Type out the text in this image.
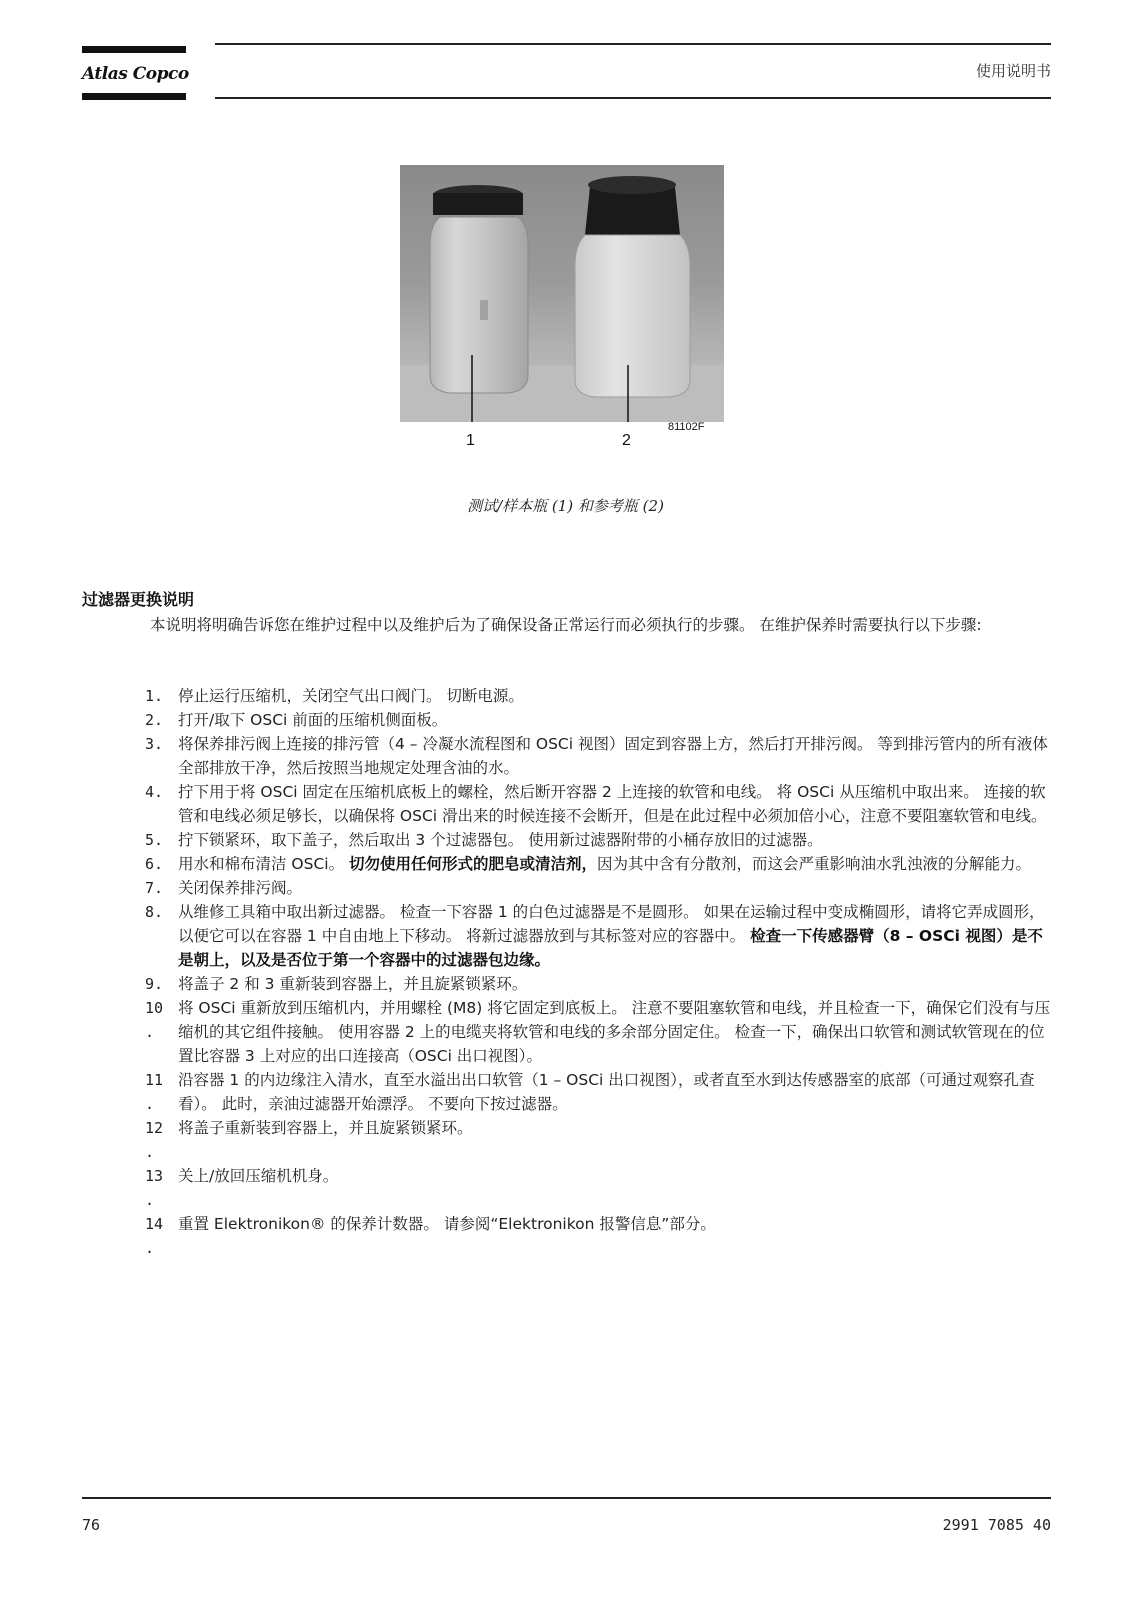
Atlas Copco	使用说明书
81102F
1	2
测试/样本瓶 (1) 和参考瓶 (2)
过滤器更换说明
本说明将明确告诉您在维护过程中以及维护后为了确保设备正常运行而必须执行的步骤。 在维护保养时需要执行以下步骤:
1. 停止运行压缩机，关闭空气出口阀门。 切断电源。
2. 打开/取下 OSCi 前面的压缩机侧面板。
3. 将保养排污阀上连接的排污管（4 – 冷凝水流程图和 OSCi 视图）固定到容器上方，然后打开排污阀。 等到排污管内的所有液体全部排放干净，然后按照当地规定处理含油的水。
4. 拧下用于将 OSCi 固定在压缩机底板上的螺栓，然后断开容器 2 上连接的软管和电线。 将 OSCi 从压缩机中取出来。 连接的软管和电线必须足够长，以确保将 OSCi 滑出来的时候连接不会断开，但是在此过程中必须加倍小心，注意不要阻塞软管和电线。
5. 拧下锁紧环，取下盖子，然后取出 3 个过滤器包。 使用新过滤器附带的小桶存放旧的过滤器。
6. 用水和棉布清洁 OSCi。 切勿使用任何形式的肥皂或清洁剂，因为其中含有分散剂，而这会严重影响油水乳浊液的分解能力。
7. 关闭保养排污阀。
8. 从维修工具箱中取出新过滤器。 检查一下容器 1 的白色过滤器是不是圆形。 如果在运输过程中变成椭圆形，请将它弄成圆形，以便它可以在容器 1 中自由地上下移动。 将新过滤器放到与其标签对应的容器中。 检查一下传感器臂（8 – OSCi 视图）是不是朝上，以及是否位于第一个容器中的过滤器包边缘。
9. 将盖子 2 和 3 重新装到容器上，并且旋紧锁紧环。
10 .
将 OSCi 重新放到压缩机内，并用螺栓 (M8) 将它固定到底板上。 注意不要阻塞软管和电线，并且检查一下，确保它们没有与压缩机的其它组件接触。 使用容器 2 上的电缆夹将软管和电线的多余部分固定住。 检查一下，确保出口软管和测试软管现在的位置比容器 3 上对应的出口连接高（OSCi 出口视图）。
11 .
沿容器 1 的内边缘注入清水，直至水溢出出口软管（1 – OSCi 出口视图），或者直至水到达传感器室的底部（可通过观察孔查看）。 此时，亲油过滤器开始漂浮。 不要向下按过滤器。
12 .
将盖子重新装到容器上，并且旋紧锁紧环。
13 .
关上/放回压缩机机身。
14 .
重置 Elektronikon® 的保养计数器。 请参阅“Elektronikon 报警信息”部分。
76	2991 7085 40
